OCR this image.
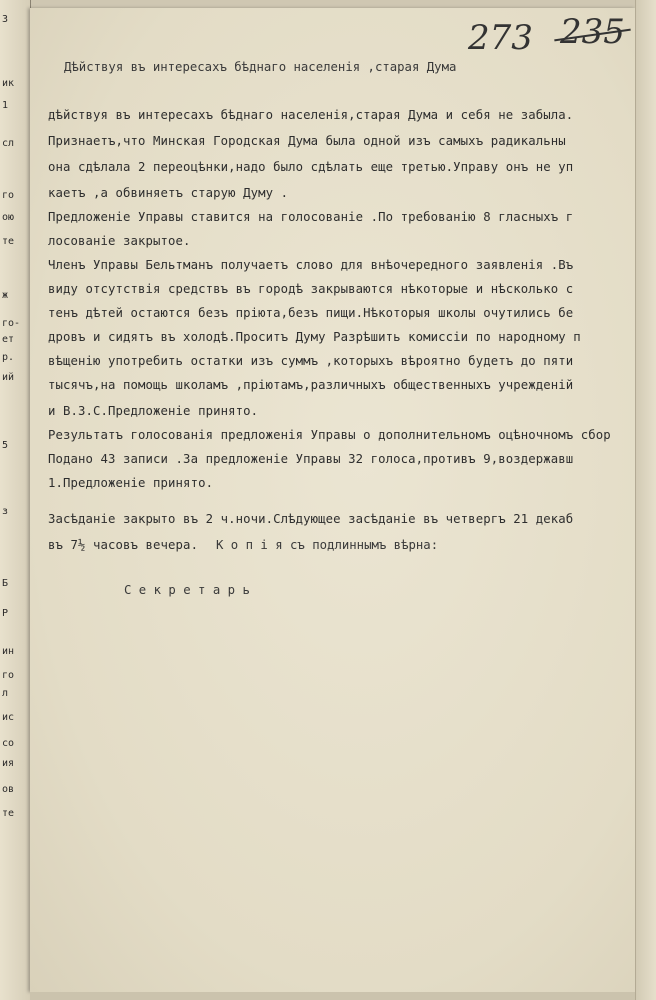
3
ик
1
сл
го
ою
те
ж
го-
ет
р.
ий
5
з
Б
Р
ин
го
л
ис
со
ия
ов
те
273 235
Дѣйствуя въ интересахъ бѣднаго населенія ,старая Дума
дѣйствуя въ интересахъ бѣднаго населенія,старая Дума и себя не забыла.
Признаетъ,что Минская Городская Дума была одной изъ самыхъ радикальны
она сдѣлала 2 переоцѣнки,надо было сдѣлать еще третью.Управу онъ не уп
каетъ ,а обвиняетъ старую Думу .
Предложеніе Управы ставится на голосованіе .По требованію 8 гласныхъ г
лосованіе закрытое.
Членъ Управы Бельтманъ получаетъ слово для внѣочередного заявленія .Въ
виду отсутствія средствъ въ городѣ закрываются нѣкоторые и нѣсколько с
тенъ дѣтей остаются безъ пріюта,безъ пищи.Нѣкоторыя школы очутились бе
дровъ и сидятъ въ холодѣ.Проситъ Думу Разрѣшить комиссіи по народному п
вѣщенію употребить остатки изъ суммъ ,которыхъ вѣроятно будетъ до пяти
тысячъ,на помощь школамъ ,пріютамъ,различныхъ общественныхъ учрежденій
и В.З.С.Предложеніе принято.
Результатъ голосованія предложенія Управы о дополнительномъ оцѣночномъ сбор
Подано 43 записи .За предложеніе Управы 32 голоса,противъ 9,воздержавш
1.Предложеніе принято.
Засѣданіе закрыто въ 2 ч.ночи.Слѣдующее засѣданіе въ четвергъ 21 декаб
въ 7½ часовъ вечера. К о п і я съ подлиннымъ вѣрна:
С е к р е т а р ь
